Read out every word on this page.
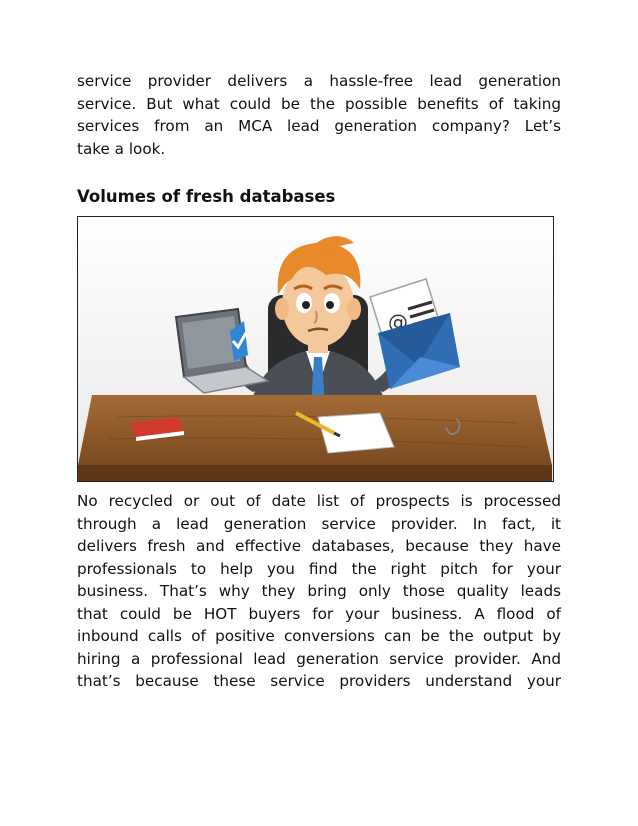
service provider delivers a hassle-free lead generation
service. But what could be the possible benefits of taking
services from an MCA lead generation company? Let’s
take a look.

Volumes of fresh databases
@

No recycled or out of date list of prospects is processed
through a lead generation service provider. In fact, it
delivers fresh and effective databases, because they have
professionals to help you find the right pitch for your
business. That’s why they bring only those quality leads
that could be HOT buyers for your business. A flood of
inbound calls of positive conversions can be the output by
hiring a professional lead generation service provider. And
that’s because these service providers understand your
